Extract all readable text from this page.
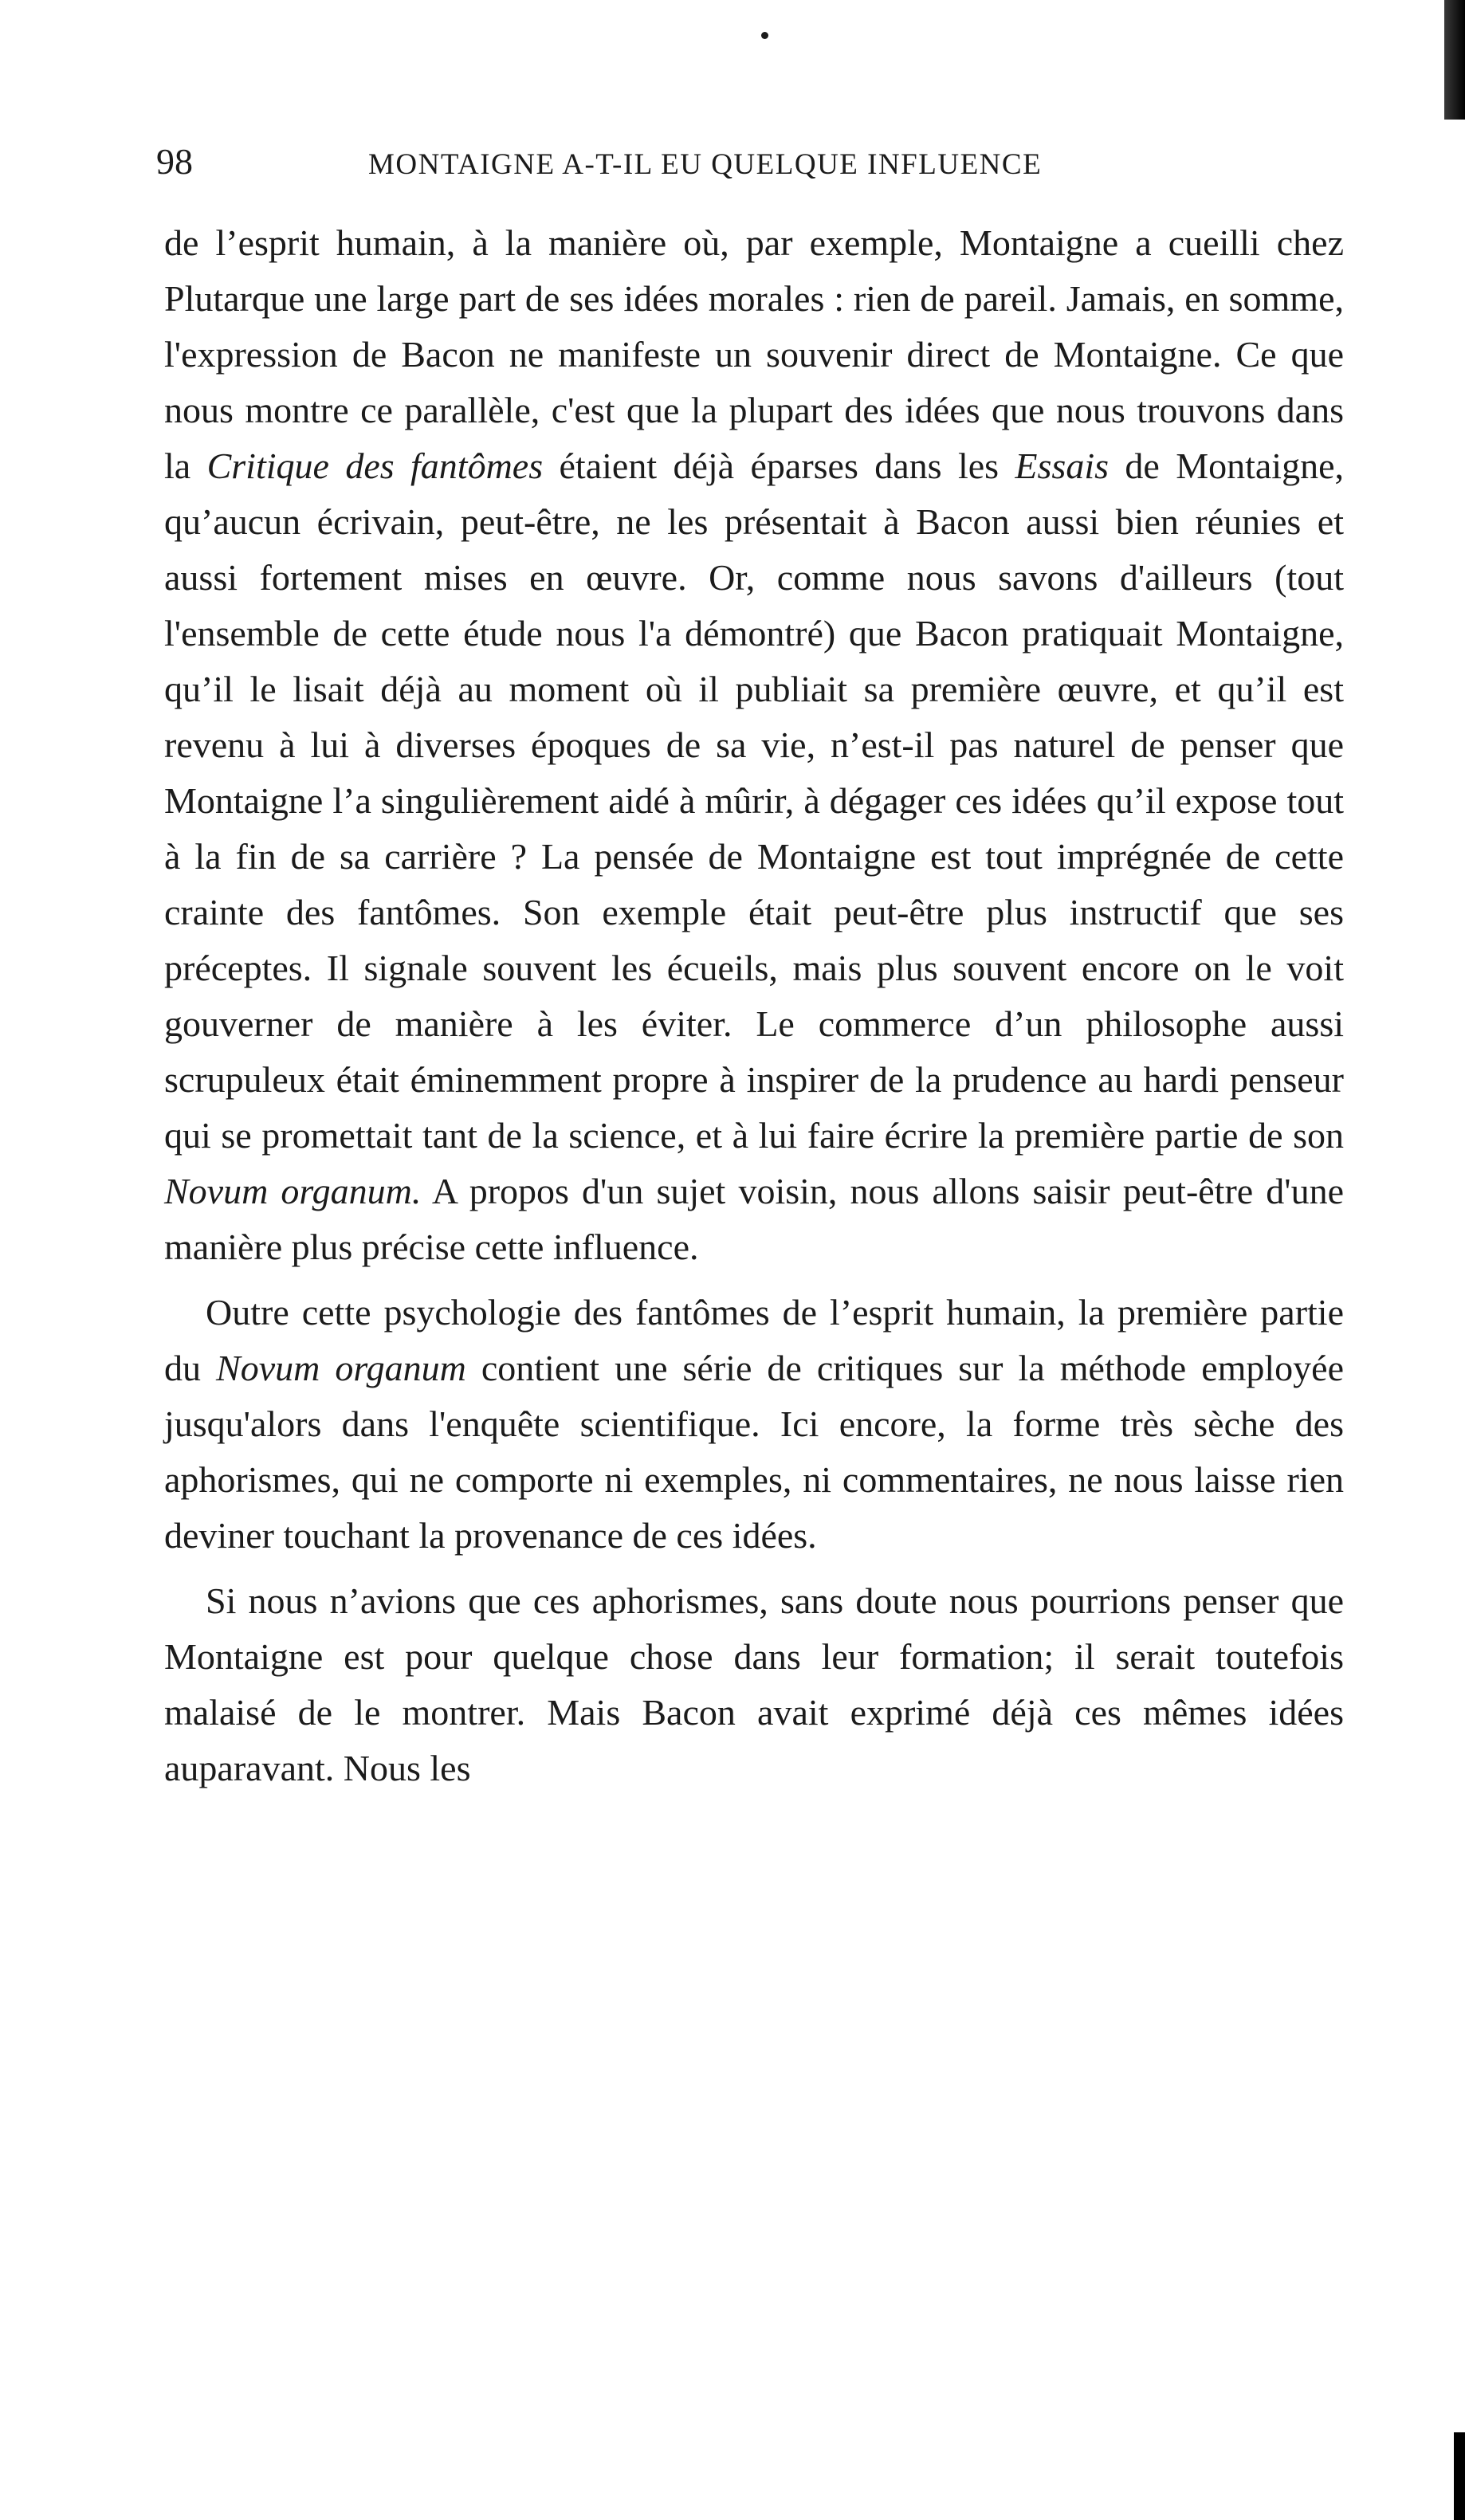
98	MONTAIGNE A-T-IL EU QUELQUE INFLUENCE

de l’esprit humain, à la manière où, par exemple, Montaigne a cueilli chez Plutarque une large part de ses idées morales : rien de pareil. Jamais, en somme, l'expression de Bacon ne manifeste un souvenir direct de Montaigne. Ce que nous montre ce parallèle, c'est que la plupart des idées que nous trouvons dans la Critique des fantômes étaient déjà éparses dans les Essais de Montaigne, qu’aucun écrivain, peut-être, ne les présentait à Bacon aussi bien réunies et aussi fortement mises en œuvre. Or, comme nous savons d'ailleurs (tout l'ensemble de cette étude nous l'a démontré) que Bacon pratiquait Montaigne, qu’il le lisait déjà au moment où il publiait sa première œuvre, et qu’il est revenu à lui à diverses époques de sa vie, n’est-il pas naturel de penser que Montaigne l’a singulièrement aidé à mûrir, à dégager ces idées qu’il expose tout à la fin de sa carrière ? La pensée de Montaigne est tout imprégnée de cette crainte des fantômes. Son exemple était peut-être plus instructif que ses préceptes. Il signale souvent les écueils, mais plus souvent encore on le voit gouverner de manière à les éviter. Le commerce d’un philosophe aussi scrupuleux était éminemment propre à inspirer de la prudence au hardi penseur qui se promettait tant de la science, et à lui faire écrire la première partie de son Novum organum. A propos d'un sujet voisin, nous allons saisir peut-être d'une manière plus précise cette influence.

Outre cette psychologie des fantômes de l’esprit humain, la première partie du Novum organum contient une série de critiques sur la méthode employée jusqu'alors dans l'enquête scientifique. Ici encore, la forme très sèche des aphorismes, qui ne comporte ni exemples, ni commentaires, ne nous laisse rien deviner touchant la provenance de ces idées.

Si nous n’avions que ces aphorismes, sans doute nous pourrions penser que Montaigne est pour quelque chose dans leur formation; il serait toutefois malaisé de le montrer. Mais Bacon avait exprimé déjà ces mêmes idées auparavant. Nous les
